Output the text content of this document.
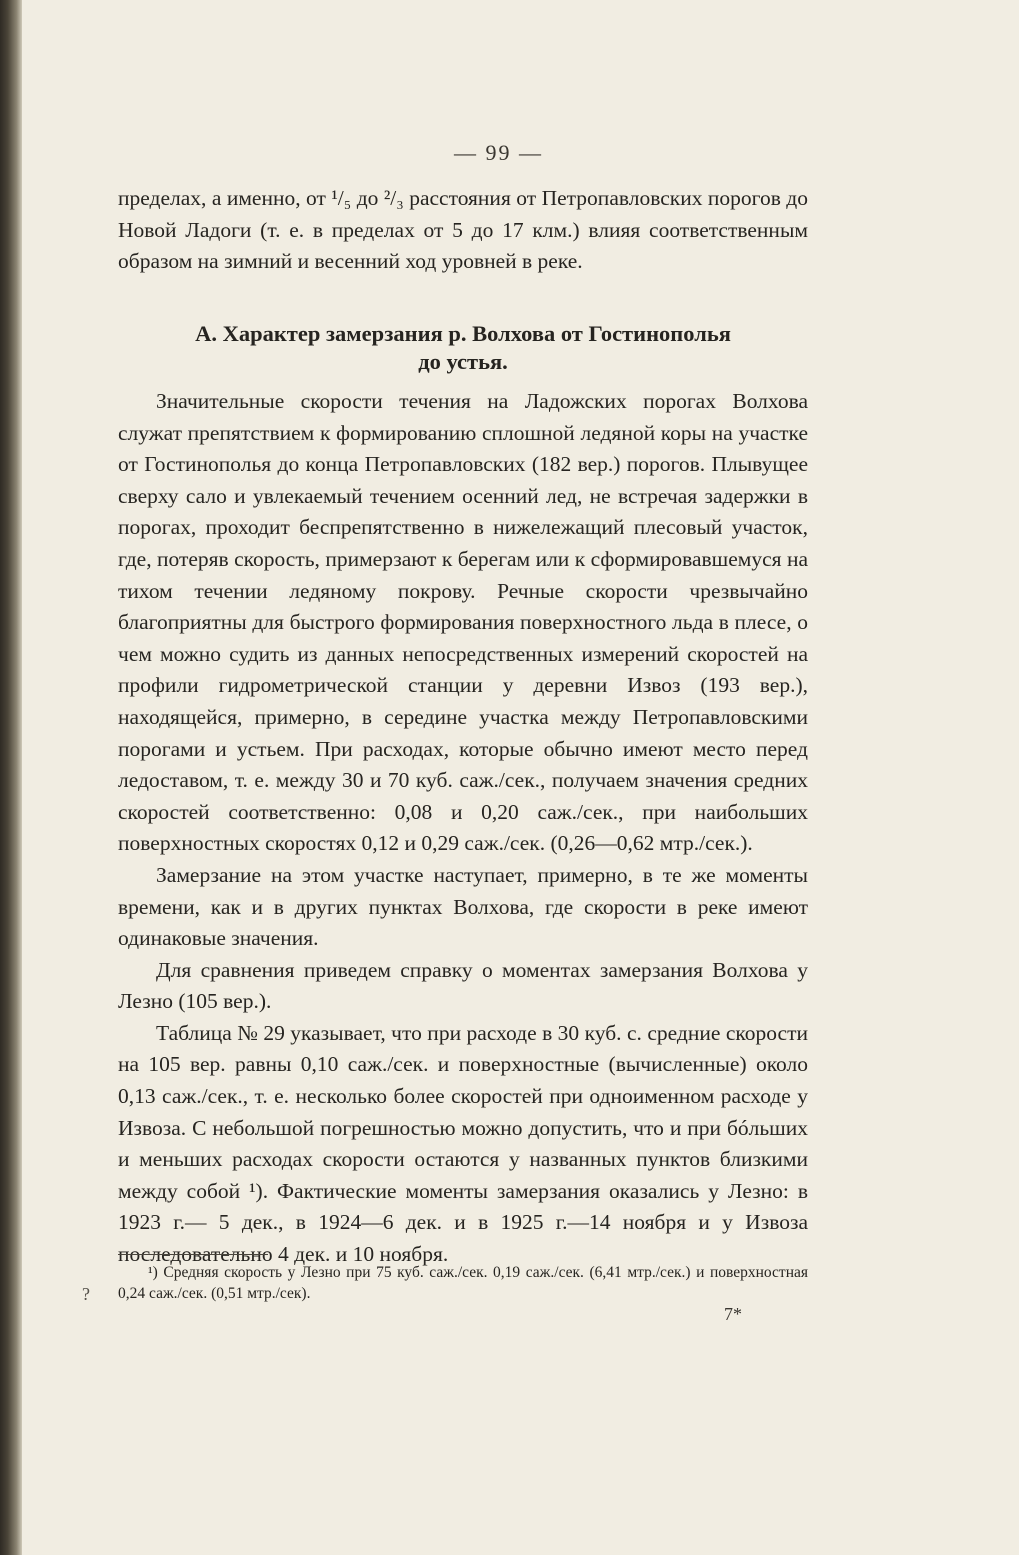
— 99 —

пределах, а именно, от ¹/₅ до ²/₃ расстояния от Петропавловских порогов до Новой Ладоги (т. е. в пределах от 5 до 17 клм.) влияя соответственным образом на зимний и весенний ход уровней в реке.

A. Характер замерзания р. Волхова от Гостинополья
до устья.

Значительные скорости течения на Ладожских порогах Волхова служат препятствием к формированию сплошной ледяной коры на участке от Гостинополья до конца Петропавловских (182 вер.) порогов. Плывущее сверху сало и увлекаемый течением осенний лед, не встречая задержки в порогах, проходит беспрепятственно в нижележащий плесовый участок, где, потеряв скорость, примерзают к берегам или к сформировавшемуся на тихом течении ледяному покрову. Речные скорости чрезвычайно благоприятны для быстрого формирования поверхностного льда в плесе, о чем можно судить из данных непосредственных измерений скоростей на профили гидрометрической станции у деревни Извоз (193 вер.), находящейся, примерно, в середине участка между Петропавловскими порогами и устьем. При расходах, которые обычно имеют место перед ледоставом, т. е. между 30 и 70 куб. саж./сек., получаем значения средних скоростей соответственно: 0,08 и 0,20 саж./сек., при наибольших поверхностных скоростях 0,12 и 0,29 саж./сек. (0,26—0,62 мтр./сек.).

Замерзание на этом участке наступает, примерно, в те же моменты времени, как и в других пунктах Волхова, где скорости в реке имеют одинаковые значения.

Для сравнения приведем справку о моментах замерзания Волхова у Лезно (105 вер.).

Таблица № 29 указывает, что при расходе в 30 куб. с. средние скорости на 105 вер. равны 0,10 саж./сек. и поверхностные (вычисленные) около 0,13 саж./сек., т. е. несколько более скоростей при одноименном расходе у Извоза. С небольшой погрешностью можно допустить, что и при бóльших и меньших расходах скорости остаются у названных пунктов близкими между собой ¹). Фактические моменты замерзания оказались у Лезно: в 1923 г.— 5 дек., в 1924—6 дек. и в 1925 г.—14 ноября и у Извоза последовательно 4 дек. и 10 ноября.

¹) Средняя скорость у Лезно при 75 куб. саж./сек. 0,19 саж./сек. (6,41 мтр./сек.) и поверхностная 0,24 саж./сек. (0,51 мтр./сек).
?
7*
